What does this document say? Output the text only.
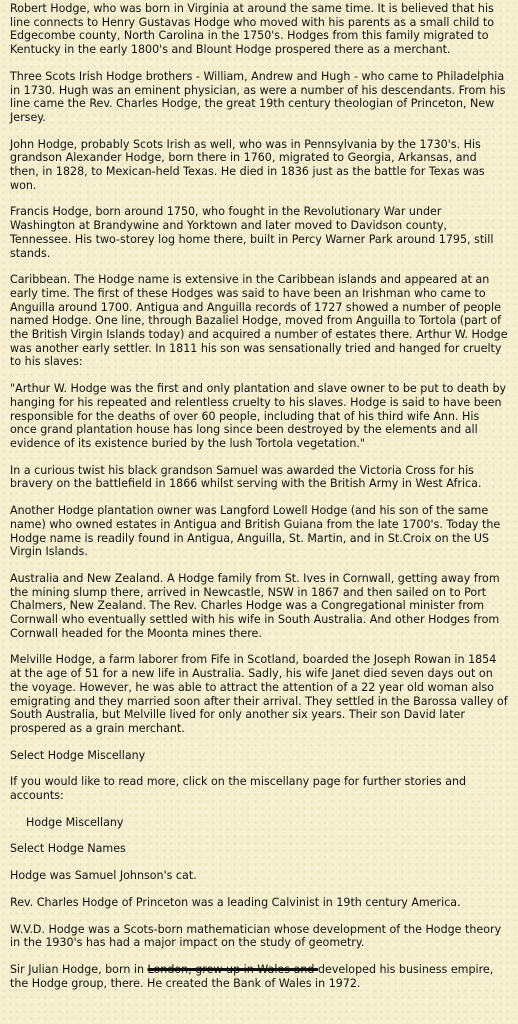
Robert Hodge, who was born in Virginia at around the same time. It is believed that his line connects to Henry Gustavas Hodge who moved with his parents as a small child to Edgecombe county, North Carolina in the 1750's. Hodges from this family migrated to Kentucky in the early 1800's and Blount Hodge prospered there as a merchant.

Three Scots Irish Hodge brothers - William, Andrew and Hugh - who came to Philadelphia in 1730. Hugh was an eminent physician, as were a number of his descendants. From his line came the Rev. Charles Hodge, the great 19th century theologian of Princeton, New Jersey.

John Hodge, probably Scots Irish as well, who was in Pennsylvania by the 1730's. His grandson Alexander Hodge, born there in 1760, migrated to Georgia, Arkansas, and then, in 1828, to Mexican-held Texas. He died in 1836 just as the battle for Texas was won.

Francis Hodge, born around 1750, who fought in the Revolutionary War under Washington at Brandywine and Yorktown and later moved to Davidson county, Tennessee. His two-storey log home there, built in Percy Warner Park around 1795, still stands.

Caribbean. The Hodge name is extensive in the Caribbean islands and appeared at an early time. The first of these Hodges was said to have been an Irishman who came to Anguilla around 1700. Antigua and Anguilla records of 1727 showed a number of people named Hodge. One line, through Bazaliel Hodge, moved from Anguilla to Tortola (part of the British Virgin Islands today) and acquired a number of estates there. Arthur W. Hodge was another early settler. In 1811 his son was sensationally tried and hanged for cruelty to his slaves:

"Arthur W. Hodge was the first and only plantation and slave owner to be put to death by hanging for his repeated and relentless cruelty to his slaves. Hodge is said to have been responsible for the deaths of over 60 people, including that of his third wife Ann. His once grand plantation house has long since been destroyed by the elements and all evidence of its existence buried by the lush Tortola vegetation."

In a curious twist his black grandson Samuel was awarded the Victoria Cross for his bravery on the battlefield in 1866 whilst serving with the British Army in West Africa.

Another Hodge plantation owner was Langford Lowell Hodge (and his son of the same name) who owned estates in Antigua and British Guiana from the late 1700's. Today the Hodge name is readily found in Antigua, Anguilla, St. Martin, and in St.Croix on the US Virgin Islands.

Australia and New Zealand. A Hodge family from St. Ives in Cornwall, getting away from the mining slump there, arrived in Newcastle, NSW in 1867 and then sailed on to Port Chalmers, New Zealand. The Rev. Charles Hodge was a Congregational minister from Cornwall who eventually settled with his wife in South Australia. And other Hodges from Cornwall headed for the Moonta mines there.

Melville Hodge, a farm laborer from Fife in Scotland, boarded the Joseph Rowan in 1854 at the age of 51 for a new life in Australia. Sadly, his wife Janet died seven days out on the voyage. However, he was able to attract the attention of a 22 year old woman also emigrating and they married soon after their arrival. They settled in the Barossa valley of South Australia, but Melville lived for only another six years. Their son David later prospered as a grain merchant.

Select Hodge Miscellany

If you would like to read more, click on the miscellany page for further stories and accounts:

Hodge Miscellany
Select Hodge Names

Hodge was Samuel Johnson's cat.

Rev. Charles Hodge of Princeton was a leading Calvinist in 19th century America.

W.V.D. Hodge was a Scots-born mathematician whose development of the Hodge theory in the 1930's has had a major impact on the study of geometry.

Sir Julian Hodge, born in London, grew up in Wales and developed his business empire, the Hodge group, there. He created the Bank of Wales in 1972.
